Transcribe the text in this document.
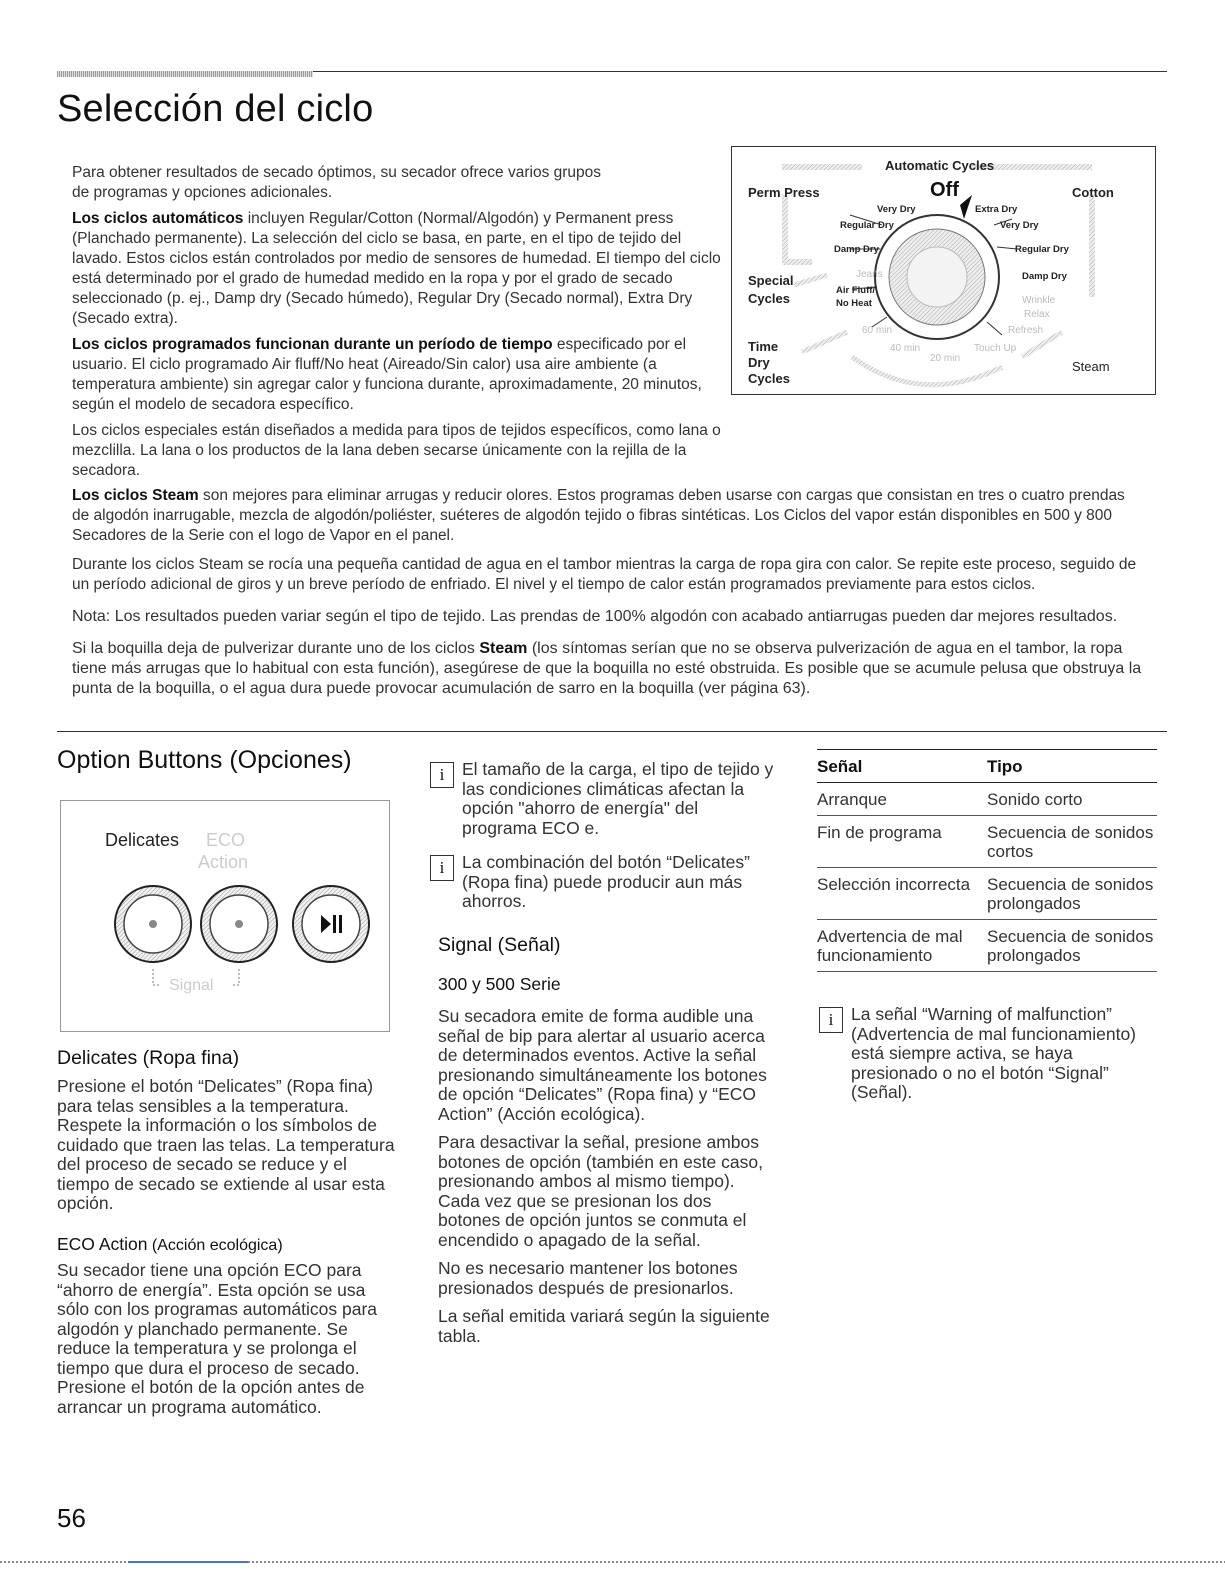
Selección del ciclo

Para obtener resultados de secado óptimos, su secador ofrece varios grupos de programas y opciones adicionales.

Los ciclos automáticos incluyen Regular/Cotton (Normal/Algodón) y Permanent press (Planchado permanente). La selección del ciclo se basa, en parte, en el tipo de tejido del lavado. Estos ciclos están controlados por medio de sensores de humedad. El tiempo del ciclo está determinado por el grado de humedad medido en la ropa y por el grado de secado seleccionado (p. ej., Damp dry (Secado húmedo), Regular Dry (Secado normal), Extra Dry (Secado extra).

Los ciclos programados funcionan durante un período de tiempo especificado por el usuario. El ciclo programado Air fluff/No heat (Aireado/Sin calor) usa aire ambiente (a temperatura ambiente) sin agregar calor y funciona durante, aproximadamente, 20 minutos, según el modelo de secadora específico.

Los ciclos especiales están diseñados a medida para tipos de tejidos específicos, como lana o mezclilla. La lana o los productos de la lana deben secarse únicamente con la rejilla de la secadora.

Automatic Cycles
Off
Perm Press	Cotton
Very Dry	Extra Dry
Regular Dry	Very Dry
Damp Dry	Regular Dry
Special
Cycles
Jeans	Damp Dry
Air Fluff/
No Heat	Wrinkle
Relax
60 min	Refresh
Time
Dry
Cycles
40 min
20 min
Touch Up
Steam

Los ciclos Steam son mejores para eliminar arrugas y reducir olores. Estos programas deben usarse con cargas que consistan en tres o cuatro prendas de algodón inarrugable, mezcla de algodón/poliéster, suéteres de algodón tejido o fibras sintéticas. Los Ciclos del vapor están disponibles en 500 y 800 Secadores de la Serie con el logo de Vapor en el panel.

Durante los ciclos Steam se rocía una pequeña cantidad de agua en el tambor mientras la carga de ropa gira con calor. Se repite este proceso, seguido de un período adicional de giros y un breve período de enfriado. El nivel y el tiempo de calor están programados previamente para estos ciclos.

Nota: Los resultados pueden variar según el tipo de tejido. Las prendas de 100% algodón con acabado antiarrugas pueden dar mejores resultados.

Si la boquilla deja de pulverizar durante uno de los ciclos Steam (los síntomas serían que no se observa pulverización de agua en el tambor, la ropa tiene más arrugas que lo habitual con esta función), asegúrese de que la boquilla no esté obstruida. Es posible que se acumule pelusa que obstruya la punta de la boquilla, o el agua dura puede provocar acumulación de sarro en la boquilla (ver página 63).

Option Buttons (Opciones)
Delicates ECO
Action
Signal
Delicates (Ropa fina)
Presione el botón “Delicates” (Ropa fina) para telas sensibles a la temperatura. Respete la información o los símbolos de cuidado que traen las telas. La temperatura del proceso de secado se reduce y el tiempo de secado se extiende al usar esta opción.
ECO Action (Acción ecológica)
Su secador tiene una opción ECO para “ahorro de energía”. Esta opción se usa sólo con los programas automáticos para algodón y planchado permanente. Se reduce la temperatura y se prolonga el tiempo que dura el proceso de secado. Presione el botón de la opción antes de arrancar un programa automático.
i	El tamaño de la carga, el tipo de tejido y las condiciones climáticas afectan la opción "ahorro de energía" del programa ECO e.
i	La combinación del botón “Delicates” (Ropa fina) puede producir aun más ahorros.
Signal (Señal)
300 y 500 Serie

Su secadora emite de forma audible una señal de bip para alertar al usuario acerca de determinados eventos. Active la señal presionando simultáneamente los botones de opción “Delicates” (Ropa fina) y “ECO Action” (Acción ecológica).

Para desactivar la señal, presione ambos botones de opción (también en este caso, presionando ambos al mismo tiempo). Cada vez que se presionan los dos botones de opción juntos se conmuta el encendido o apagado de la señal.

No es necesario mantener los botones presionados después de presionarlos.

La señal emitida variará según la siguiente tabla.

Señal	Tipo
Arranque	Sonido corto
Fin de programa	Secuencia de sonidos cortos
Selección incorrecta	Secuencia de sonidos prolongados
Advertencia de mal funcionamiento	Secuencia de sonidos prolongados
i	La señal “Warning of malfunction” (Advertencia de mal funcionamiento) está siempre activa, se haya presionado o no el botón “Signal” (Señal).
56
